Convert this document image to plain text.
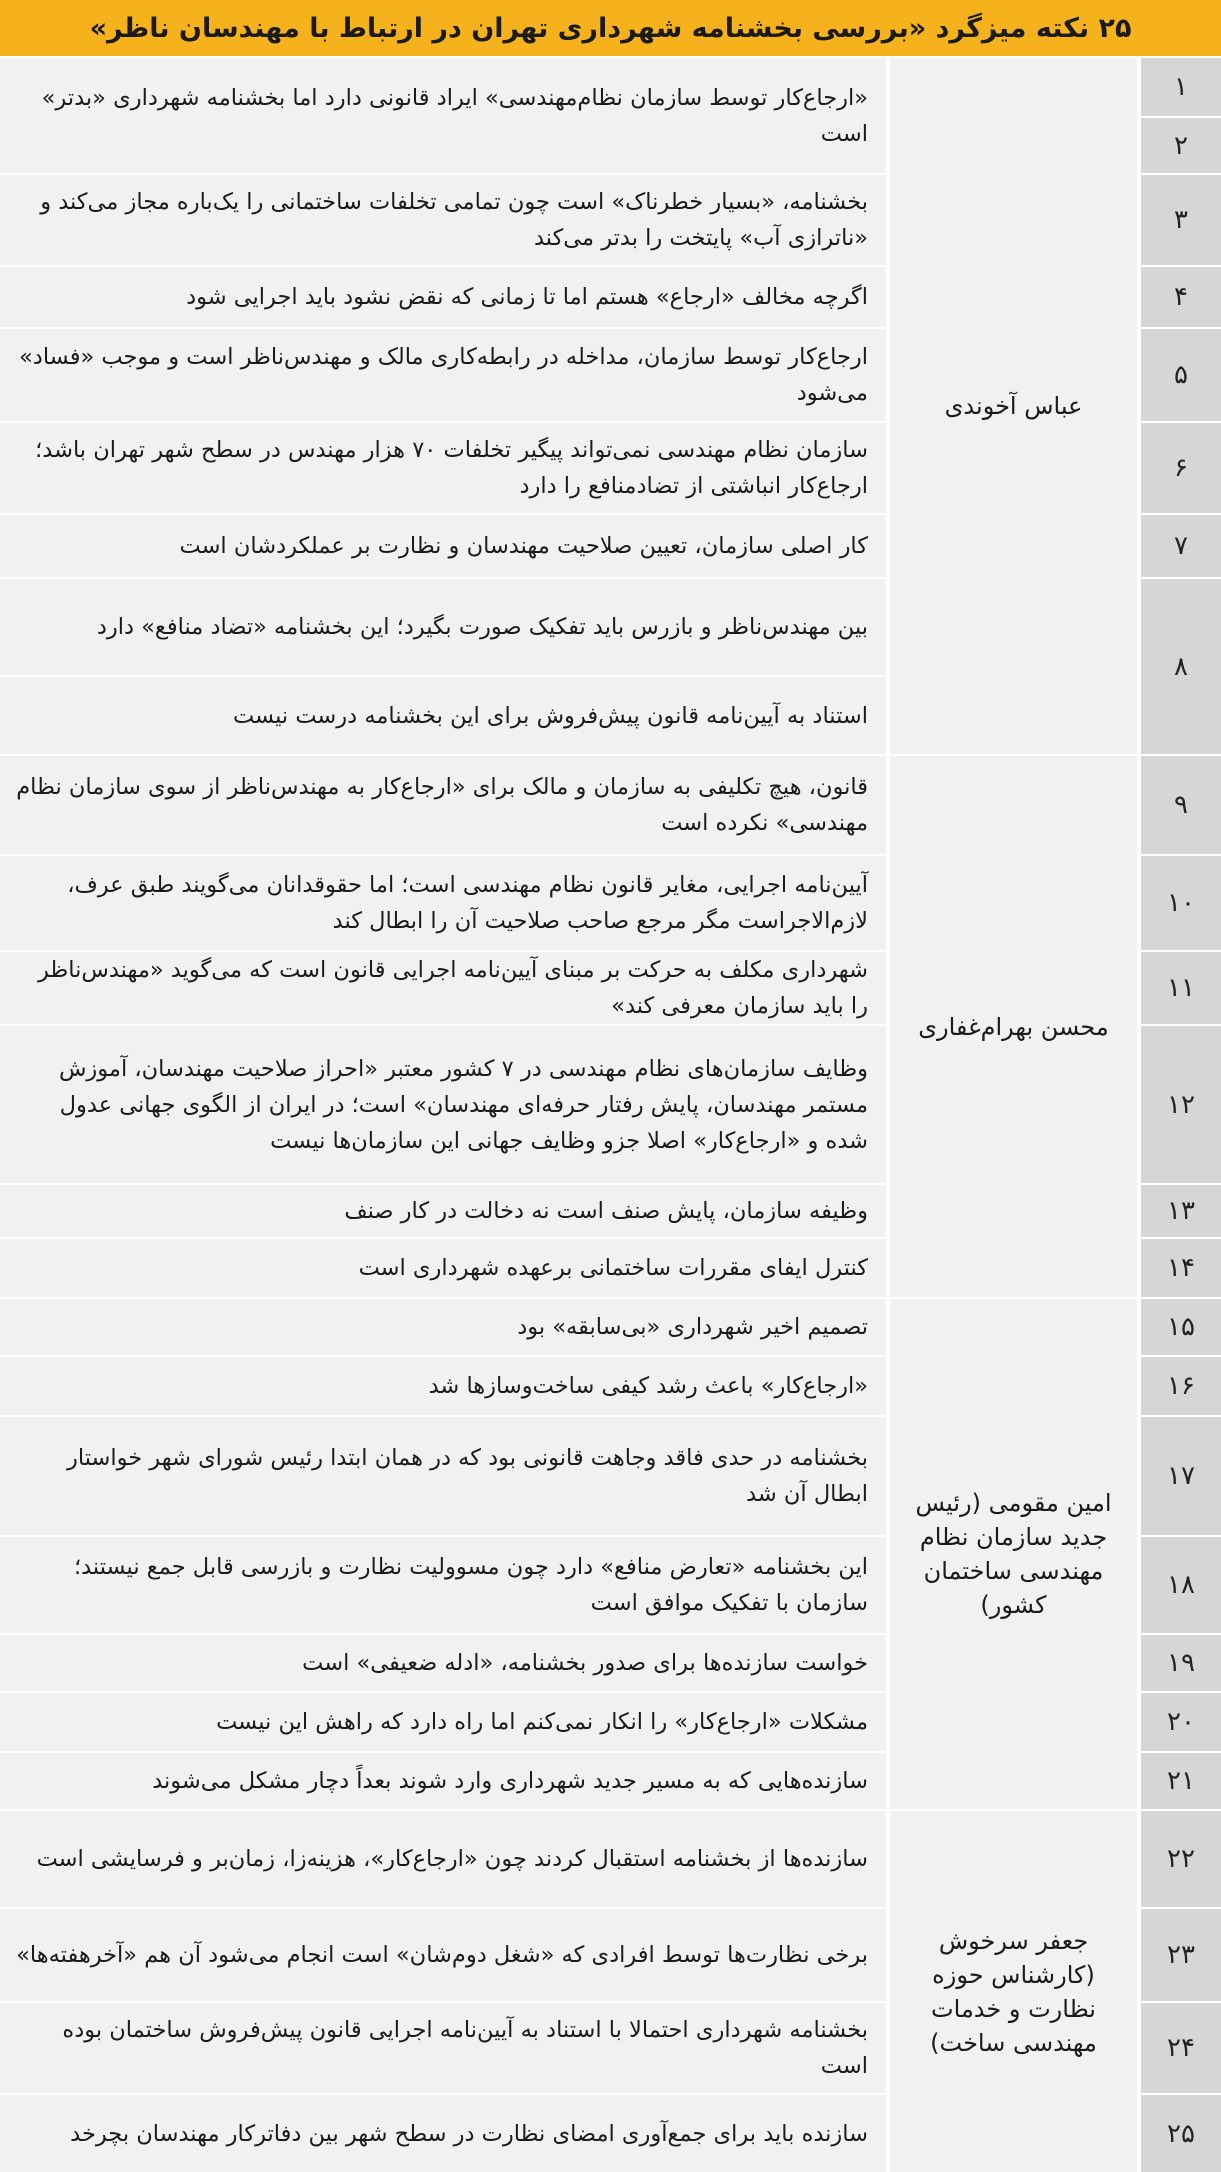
۲۵ نکته میزگرد «بررسی بخشنامه شهرداری تهران در ارتباط با مهندسان ناظر»
۱
۲
۳
۴
۵
۶
۷
۸
۹
۱۰
۱۱
۱۲
۱۳
۱۴
۱۵
۱۶
۱۷
۱۸
۱۹
۲۰
۲۱
۲۲
۲۳
۲۴
۲۵
عباس آخوندی
محسن بهرام‌غفاری
امین مقومی (رئیس جدید سازمان نظام مهندسی ساختمان کشور)
جعفر سرخوش (کارشناس حوزه نظارت و خدمات مهندسی ساخت)
«ارجاع‌کار توسط سازمان نظام‌مهندسی» ایراد قانونی دارد اما بخشنامه شهرداری «بدتر» است
بخشنامه، «بسیار خطرناک» است چون تمامی تخلفات ساختمانی را یک‌باره مجاز می‌کند و «ناترازی آب» پایتخت را بدتر می‌کند
اگرچه مخالف «ارجاع» هستم اما تا زمانی که نقض نشود باید اجرایی شود
ارجاع‌کار توسط سازمان، مداخله در رابطه‌کاری مالک و مهندس‌ناظر است و موجب «فساد» می‌شود
سازمان نظام مهندسی نمی‌تواند پیگیر تخلفات ۷۰ هزار مهندس در سطح شهر تهران باشد؛ ارجاع‌کار انباشتی از تضادمنافع را دارد
کار اصلی سازمان، تعیین صلاحیت مهندسان و نظارت بر عملکردشان است
بین مهندس‌ناظر و بازرس باید تفکیک صورت بگیرد؛ این بخشنامه «تضاد منافع» دارد
استناد به آیین‌نامه قانون پیش‌فروش برای این بخشنامه درست نیست
قانون، هیچ تکلیفی به سازمان و مالک برای «ارجاع‌کار به مهندس‌ناظر از سوی سازمان نظام مهندسی» نکرده است
آیین‌نامه اجرایی، مغایر قانون نظام مهندسی است؛ اما حقوقدانان می‌گویند طبق عرف، لازم‌الاجراست مگر مرجع صاحب صلاحیت آن را ابطال کند
شهرداری مکلف به حرکت بر مبنای آیین‌نامه اجرایی قانون است که می‌گوید «مهندس‌ناظر را باید سازمان معرفی کند»
وظایف سازمان‌های نظام مهندسی در ۷ کشور معتبر «احراز صلاحیت مهندسان، آموزش مستمر مهندسان، پایش رفتار حرفه‌ای مهندسان» است؛ در ایران از الگوی جهانی عدول شده و «ارجاع‌کار» اصلا جزو وظایف جهانی این سازمان‌ها نیست
وظیفه سازمان، پایش صنف است نه دخالت در کار صنف
کنترل ایفای مقررات ساختمانی برعهده شهرداری است
تصمیم اخیر شهرداری «بی‌سابقه» بود
«ارجاع‌کار» باعث رشد کیفی ساخت‌وسازها شد
بخشنامه در حدی فاقد وجاهت قانونی بود که در همان ابتدا رئیس شورای شهر خواستار ابطال آن شد
این بخشنامه «تعارض منافع» دارد چون مسوولیت نظارت و بازرسی قابل جمع نیستند؛ سازمان با تفکیک موافق است
خواست سازنده‌ها برای صدور بخشنامه، «ادله ضعیفی» است
مشکلات «ارجاع‌کار» را انکار نمی‌کنم اما راه دارد که راهش این نیست
سازنده‌هایی که به مسیر جدید شهرداری وارد شوند بعداً دچار مشکل می‌شوند
سازنده‌ها از بخشنامه استقبال کردند چون «ارجاع‌کار»، هزینه‌زا، زمان‌بر و فرسایشی است
برخی نظارت‌ها توسط افرادی که «شغل دوم‌شان» است انجام می‌شود آن هم «آخرهفته‌ها»
بخشنامه شهرداری احتمالا با استناد به آیین‌نامه اجرایی قانون پیش‌فروش ساختمان بوده است
سازنده باید برای جمع‌آوری امضای نظارت در سطح شهر بین دفاترکار مهندسان بچرخد
